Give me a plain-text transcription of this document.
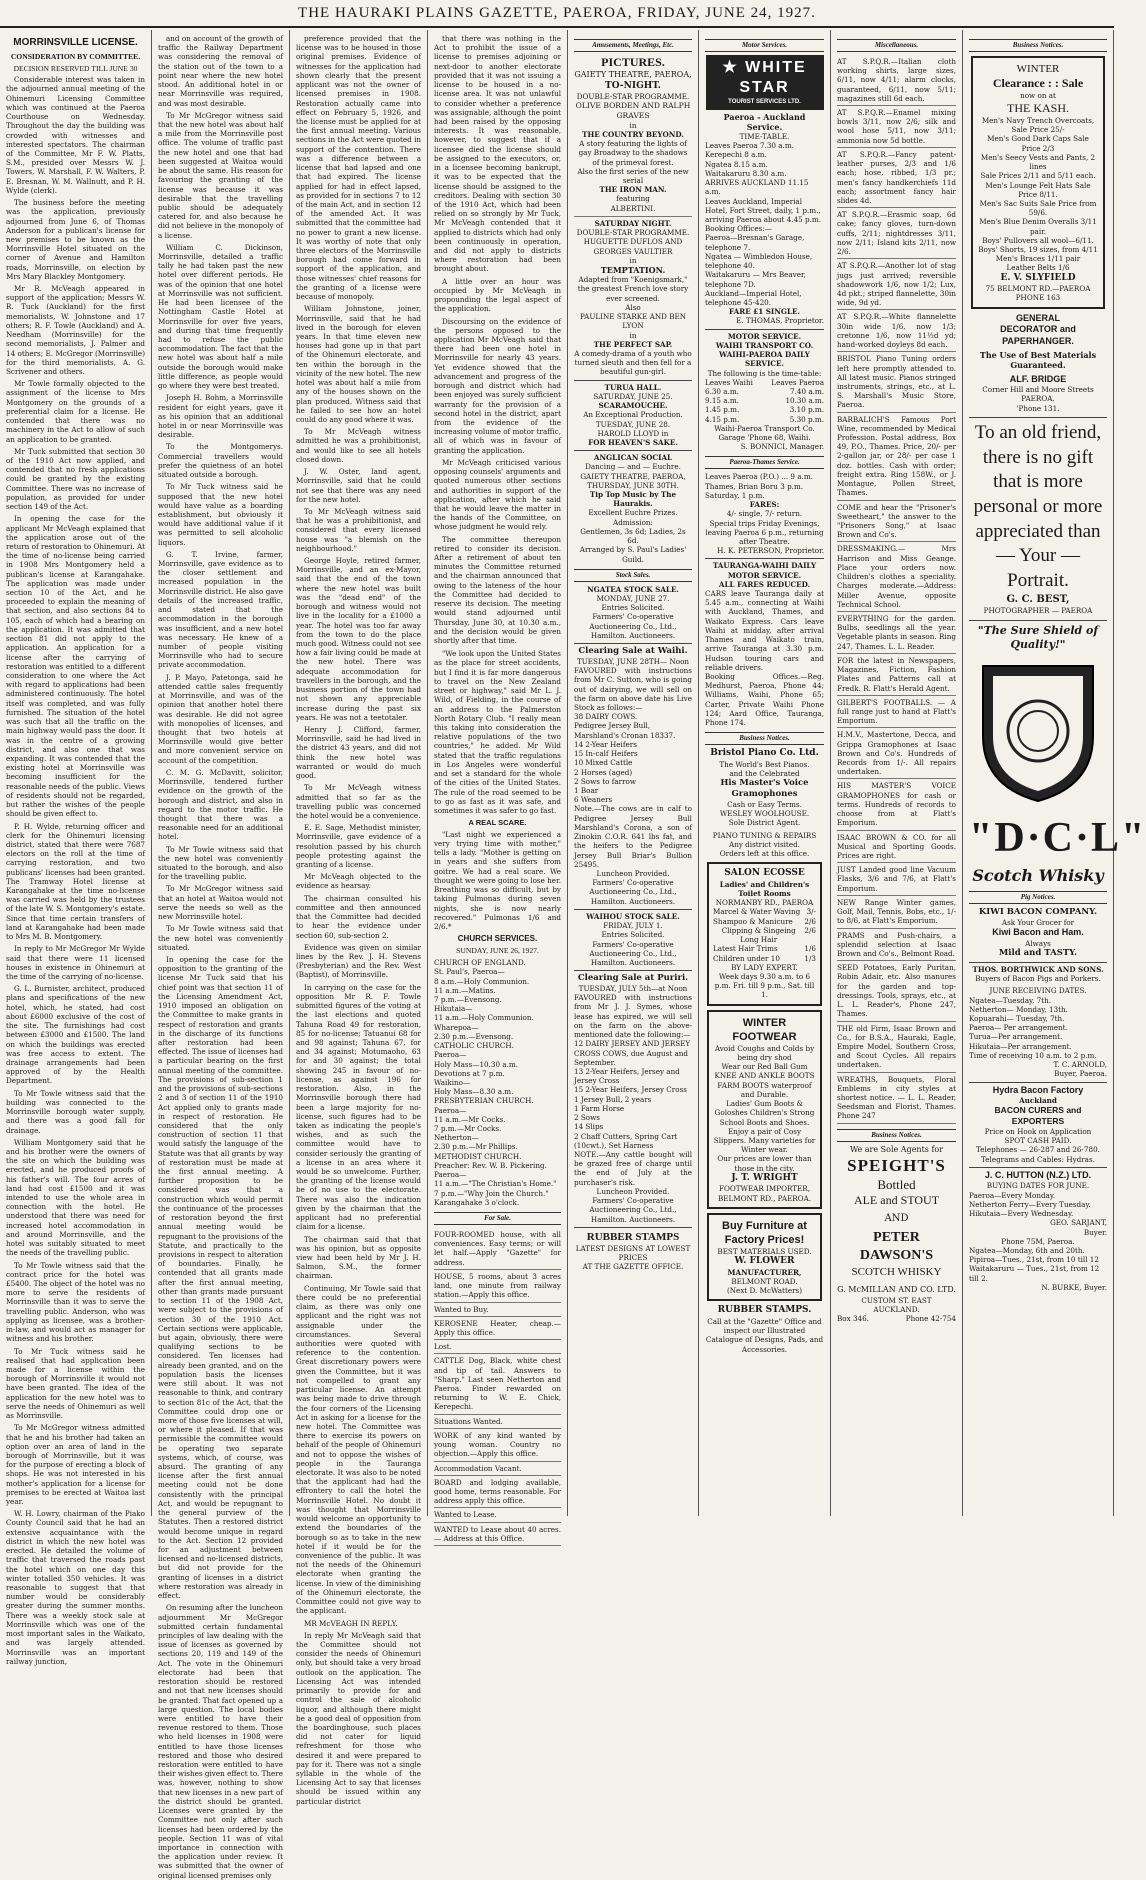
THE HAURAKI PLAINS GAZETTE, PAEROA, FRIDAY, JUNE 24, 1927.
MORRINSVILLE LICENSE.
CONSIDERATION BY COMMITTEE.
DECISION RESERVED TILL JUNE 30

Considerable interest was taken in the adjourned annual meeting of the Ohinemuri Licensing Committee which was continued at the Paeroa Courthouse on Wednesday. Throughout the day the building was crowded with witnesses and interested spectators. The chairman of the Committee, Mr F. W. Platts, S.M., presided over Messrs W. J. Towers, W. Marshall, F. W. Walters, P. E. Bresnan, W. M. Wallnutt, and P. H. Wylde (clerk).

The business before the meeting was the application, previously adjourned from June 6, of Thomas Anderson for a publican's license for new premises to be known as the Morrinsville Hotel situated on the corner of Avenue and Hamilton roads, Morrinsville, on election by Mrs Mary Blackley Montgomery.

Mr R. McVeagh appeared in support of the application; Messrs W. R. Tuck (Auckland) for the first memorialists, W. Johnstone and 17 others; R. F. Towle (Auckland) and A. Needham (Morrinsville) for the second memorialists, J. Palmer and 14 others; E. McGregor (Morrinsville) for the third memorialists, A. G. Scrivener and others.

Mr Towle formally objected to the assignment of the license to Mrs Montgomery on the grounds of a preferential claim for a license. He contended that there was no machinery in the Act to allow of such an application to be granted.

Mr Tuck submitted that section 30 of the 1910 Act now applied, and contended that no fresh applications could be granted by the existing Committee. There was no increase of population, as provided for under section 149 of the Act.

In opening the case for the applicant Mr McVeagh explained that the application arose out of the return of restoration to Ohinemuri. At the time of no-license being carried in 1908 Mrs Montgomery held a publican's license at Karangahake. The application was made under section 10 of the Act, and he proceeded to explain the meaning of that section, and also sections 84 to 105, each of which had a bearing on the application. It was admitted that section 81 did not apply to the application. An application for a license after the carrying of restoration was entitled to a different consideration to one where the Act with regard to applications had been administered continuously. The hotel itself was completed, and was fully furnished. The situation of the hotel was such that all the traffic on the main highway would pass the door. It was in the centre of a growing district, and also one that was expanding. It was contended that the existing hotel at Morrinsville was becoming insufficient for the reasonable needs of the public. Views of residents should not be regarded, but rather the wishes of the people should be given effect to.

P. H. Wylde, returning officer and clerk for the Ohinemuri licensing district, stated that there were 7687 electors on the roll at the time of carrying restoration, and two publicans' licenses had been granted. The Tramway Hotel license at Karangahake at the time no-license was carried was held by the trustees of the late W. S. Montgomery's estate. Since that time certain transfers of land at Karangahake had been made to Mrs M. B. Montgomery.

In reply to Mr McGregor Mr Wylde said that there were 11 licensed houses in existence in Ohinemuri at the time of the carrying of no-license.

G. L. Burnister, architect, produced plans and specifications of the new hotel, which, he stated, had cost about £6000 exclusive of the cost of the site. The furnishings had cost between £3000 and £1500. The land on which the buildings was erected was free access to extent. The drainage arrangements had been approved of by the Health Department.

To Mr Towle witness said that the building was connected to the Morrinsville borough water supply, and there was a good fall for drainage.

William Montgomery said that he and his brother were the owners of the site on which the building was erected, and he produced proofs of his father's will. The four acres of land had cost £1500 and it was intended to use the whole area in connection with the hotel. He understood that there was need for increased hotel accommodation in and around Morrinsville, and the hotel was suitably situated to meet the needs of the travelling public.

To Mr Towle witness said that the contract price for the hotel was £5400. The object of the hotel was no more to serve the residents of Morrinsville than it was to serve the travelling public. Anderson, who was applying as licensee, was a brother-in-law, and would act as manager for witness and his brother.

To Mr Tuck witness said he realised that had application been made for a license within the borough of Morrinsville it would not have been granted. The idea of the application for the new hotel was to serve the needs of Ohinemuri as well as Morrinsville.

To Mr McGregor witness admitted that he and his brother had taken an option over an area of land in the borough of Morrinsville, but it was for the purpose of erecting a block of shops. He was not interested in his mother's application for a license for premises to be erected at Waitoa last year.

W. H. Lowry, chairman of the Piako County Council said that he had an extensive acquaintance with the district in which the new hotel was erected. He detailed the volume of traffic that traversed the roads past the hotel which on one day this winter totalled 350 vehicles. It was reasonable to suggest that that number would be considerably greater during the summer months. There was a weekly stock sale at Morrinsville which was one of the most important sales in the Waikato, and was largely attended. Morrinsville was an important railway junction,

and on account of the growth of traffic the Railway Department was considering the removal of the station out of the town to a point near where the new hotel stood. An additional hotel in or near Morrinsville was required, and was most desirable.

To Mr McGregor witness said that the new hotel was about half a mile from the Morrinsville post office. The volume of traffic past the new hotel and one that had been suggested at Waitoa would be about the same. His reason for favouring the granting of the license was because it was desirable that the travelling public should be adequately catered for, and also because he did not believe in the monopoly of a license.

William C. Dickinson, Morrinsville, detailed a traffic tally he had taken past the new hotel over different periods. He was of the opinion that one hotel at Morrinsville was not sufficient. He had been licensee of the Nottingham Castle Hotel at Morrinsville for over five years, and during that time frequently had to refuse the public accommodation. The fact that the new hotel was about half a mile outside the borough would make little difference, as people would go where they were best treated.

Joseph H. Bohm, a Morrinsville resident for eight years, gave it as his opinion that an additional hotel in or near Morrinsville was desirable.

To the Montgomerys. Commercial travellers would prefer the quietness of an hotel situated outside a borough.

To Mr Tuck witness said he supposed that the new hotel would have value as a boarding establishment, but obviously it would have additional value if it was permitted to sell alcoholic liquors.

G. T. Irvine, farmer, Morrinsville, gave evidence as to the closer settlement and increased population in the Morrinsville district. He also gave details of the increased traffic, and stated that the accommodation in the borough was insufficient, and a new hotel was necessary. He knew of a number of people visiting Morrinsville who had to secure private accommodation.

J. P. Mayo, Patetonga, said he attended cattle sales frequently at Morrinsville, and was of the opinion that another hotel there was desirable. He did not agree with monopolies of licenses, and thought that two hotels at Morrinsville would give better and more convenient service on account of the competition.

C. M. G. McDavitt, solicitor, Morrinsville, tendered further evidence on the growth of the borough and district, and also in regard to the motor traffic. He thought that there was a reasonable need for an additional hotel.

To Mr Towle witness said that the new hotel was conveniently situated to the borough, and also for the travelling public.

To Mr McGregor witness said that an hotel at Waitoa would not serve the needs so well as the new Morrinsville hotel.

To Mr Towle witness said that the new hotel was conveniently situated.

In opening the case for the opposition to the granting of the license Mr Tuck said that his chief point was that section 11 of the Licensing Amendment Act, 1910 imposed an obligation on the Committee to make grants in respect of restoration and grants in the discharge of its functions after restoration had been effected. The issue of licenses had a particular bearing on the first annual meeting of the committee. The provisions of sub-section 1 and the provisions of sub-sections 2 and 3 of section 11 of the 1910 Act applied only to grants made in respect of restoration. He considered that the only construction of section 11 that would satisfy the language of the Statute was that all grants by way of restoration must be made at the first annual meeting. A further proposition to be considered was that a construction which would permit the continuance of the processes of restoration beyond the first annual meeting would be repugnant to the provisions of the Statute, and practically to the provisions in respect to alteration of boundaries. Finally, he contended that all grants made after the first annual meeting, other than grants made pursuant to section 11 of the 1908 Act, were subject to the provisions of section 30 of the 1910 Act. Certain sections were applicable, but again, obviously, there were qualifying sections to be considered. Ten licenses had already been granted, and on the population basis the licenses were still about. It was not reasonable to think, and contrary to section 81c of the Act, that the Committee could drop one or more of those five licenses at will, or where it pleased. If that was permissible the committee would be operating two separate systems, which, of course, was absurd. The granting of any license after the first annual meeting could not be done consistently with the principal Act, and would be repugnant to the general purview of the Statutes. Then a restored district would become unique in regard to the Act. Section 12 provided for an adjustment between licensed and no-licensed districts, but did not provide for the granting of licenses in a district where restoration was already in effect.

On resuming after the luncheon adjournment Mr McGregor submitted certain fundamental principles of law dealing with the issue of licenses as governed by sections 20, 119 and 149 of the Act. The vote in the Ohinemuri electorate had been that restoration should be restored and not that new licenses should be granted. That fact opened up a large question. The local bodies were entitled to have their revenue restored to them. Those who held licenses in 1908 were entitled to have those licenses restored and those who desired restoration were entitled to have their wishes given effect to. There was, however, nothing to show that new licenses in a new part of the district should be granted. Licenses were granted by the Committee not only after such licenses had been ordered by the people. Section 11 was of vital importance in connection with the application under review. It was submitted that the owner of original licensed premises only

preference provided that the license was to be housed in those original premises. Evidence of witnesses for the application had shown clearly that the present applicant was not the owner of licensed premises in 1908. Restoration actually came into effect on February 5, 1926, and the license must be applied for at the first annual meeting. Various sections in the Act were quoted in support of the contention. There was a difference between a license that had lapsed and one that had expired. The license applied for had in effect lapsed, as provided for in sections 7 to 12 of the main Act, and in section 12 of the amended Act. It was submitted that the committee had no power to grant a new license. It was worthy of note that only three electors of the Morrinsville borough had come forward in support of the application, and those witnesses' chief reasons for the granting of a license were because of monopoly.

William Johnstone, joiner, Morrinsville, said that he had lived in the borough for eleven years. In that time eleven new houses had gone up in that part of the Ohinemuri electorate, and ten within the borough in the vicinity of the new hotel. The new hotel was about half a mile from any of the houses shown on the plan produced. Witness said that he failed to see how an hotel could do any good where it was.

To Mr McVeagh witness admitted he was a prohibitionist, and would like to see all hotels closed down.

J. W. Oster, land agent, Morrinsville, said that he could not see that there was any need for the new hotel.

To Mr McVeagh witness said that he was a prohibitionist, and considered that every licensed house was "a blemish on the neighbourhood."

George Hoyle, retired farmer, Morrinsville, and an ex-Mayor, said that the end of the town where the new hotel was built was the "dead end" of the borough and witness would not live in the locality for a £1000 a year. The hotel was too far away from the town to do the place much good. Witness could not see how a fair living could be made at the new hotel. There was adequate accommodation for travellers in the borough, and the business portion of the town had not shown any appreciable increase during the past six years. He was not a teetotaler.

Henry J. Clifford, farmer, Morrinsville, said he had lived in the district 43 years, and did not think the new hotel was warranted or would do much good.

To Mr McVeagh witness admitted that so far as the travelling public was concerned the hotel would be a convenience.

E. E. Sage, Methodist minister, Morrinsville, gave evidence of a resolution passed by his church people protesting against the granting of a license.

Mr McVeagh objected to the evidence as hearsay.

The chairman consulted his committee and then announced that the Committee had decided to hear the evidence under section 60, sub-section 2.

Evidence was given on similar lines by the Rev. J. H. Stevens (Presbyterian) and the Rev. West (Baptist), of Morrinsville.

In carrying on the case for the opposition Mr R. F. Towle submitted figures of the voting at the last elections and quoted Tahuna Road 49 for restoration, 85 for no-license; Tatuanui 68 for and 98 against; Tahuna 67, for and 34 against; Motumaoho, 63 for and 30 against; the total showing 245 in favour of no-license, as against 196 for restoration. Also, in the Morrinsville borough there had been a large majority for no-license, such figures had to be taken as indicating the people's wishes, and as such the committee would have to consider seriously the granting of a license in an area where it would be so unwelcome. Further, the granting of the license would be of no use to the electorate. There was also the indication given by the chairman that the applicant had no preferential claim for a license.

The chairman said that that was his opinion, but as opposite view had been held by Mr J. H. Salmon, S.M., the former chairman.

Continuing, Mr Towle said that there could be no preferential claim, as there was only one applicant and the right was not assignable under the circumstances. Several authorities were quoted with reference to the contention. Great discretionary powers were given the Committee, but it was not compelled to grant any particular license. An attempt was being made to drive through the four corners of the Licensing Act in asking for a license for the new hotel. The Committee was there to exercise its powers on behalf of the people of Ohinemuri and not to oppose the wishes of people in the Tauranga electorate. It was also to be noted that the applicant had had the effrontery to call the hotel the Morrinsville Hotel. No doubt it was thought that Morrinsville would welcome an opportunity to extend the boundaries of the borough so as to take in the new hotel if it would be for the convenience of the public. It was not the needs of the Ohinemuri electorate when granting the license. In view of the diminishing of the Ohinemuri electorate, the Committee could not give way to the applicant.

MR McVEAGH IN REPLY.

In reply Mr McVeagh said that the Committee should not consider the needs of Ohinemuri only, but should take a very broad outlook on the application. The Licensing Act was intended primarily to provide for and control the sale of alcoholic liquor, and although there might be a good deal of opposition from the boardinghouse, such places did not cater for liquid refreshment for those who desired it and were prepared to pay for it. There was not a single syllable in the whole of the Licensing Act to say that licenses should be issued within any particular district

that there was nothing in the Act to prohibit the issue of a license to premises adjoining or next-door to another electorate provided that it was not issuing a license to be housed in a no-license area. It was not unlawful to consider whether a preference was assignable, although the point had been raised by the opposing interests. It was reasonable, however, to suggest that if a licensee died the license should be assigned to the executors, or, in a licensee becoming bankrupt, it was to be expected that the license should be assigned to the creditors. Dealing with section 30 of the 1910 Act, which had been relied on so strongly by Mr Tuck, Mr McVeagh contended that it applied to districts which had only been continuously in operation, and did not apply to districts where restoration had been brought about.

A little over an hour was occupied by Mr McVeagh in propounding the legal aspect of the application.

Discoursing on the evidence of the persons opposed to the application Mr McVeagh said that there had been one hotel in Morrinsville for nearly 43 years. Yet evidence showed that the advancement and progress of the borough and district which had been enjoyed was surely sufficient warranty for the provision of a second hotel in the district, apart from the evidence of the increasing volume of motor traffic, all of which was in favour of granting the application.

Mr McVeagh criticised various opposing counsels' arguments and quoted numerous other sections and authorities in support of the application, after which he said that he would leave the matter in the hands of the Committee, on whose judgment he would rely.

The committee thereupon retired to consider its decision. After a retirement of about ten minutes the Committee returned and the chairman announced that owing to the lateness of the hour the Committee had decided to reserve its decision. The meeting would stand adjourned until Thursday, June 30, at 10.30 a.m., and the decision would be given shortly after that time.

"We look upon the United States as the place for street accidents, but I find it is far more dangerous to travel on the New Zealand street or highway," said Mr L. J. Wild, of Fielding, in the course of an address to the Palmerston North Rotary Club. "I really mean this taking into consideration the relative populations of the two countries," he added. Mr Wild stated that the traffic regulations in Los Angeles were wonderful and set a standard for the whole of the cities of the United States. The rule of the road seemed to be to go as fast as it was safe, and sometimes it was safer to go fast.

A REAL SCARE.

"Last night we experienced a very trying time with mother," tells a lady. "Mother is getting on in years and she suffers from goitre. We had a real scare. We thought we were going to lose her. Breathing was so difficult, but by taking Pulmonas during seven nights, she is now nearly recovered." Pulmonas 1/6 and 2/6.*

CHURCH SERVICES.
SUNDAY, JUNE 26, 1927.
CHURCH OF ENGLAND.
St. Paul's, Paeroa—
8 a.m.—Holy Communion.
11 a.m.—Matins.
7 p.m.—Evensong.
Hikutaia—
11 a.m.—Holy Communion.
Wharepoa—
2.30 p.m.—Evensong.
CATHOLIC CHURCH.
Paeroa—
Holy Mass—10.30 a.m.
Devotions at 7 p.m.
Waikino—
Holy Mass—8.30 a.m.
PRESBYTERIAN CHURCH.
Paeroa—
11 a.m.—Mr Cocks.
7 p.m.—Mr Cocks.
Netherton—
2.30 p.m.—Mr Phillips.
METHODIST CHURCH.
Preacher: Rev. W. B. Pickering.
Paeroa—
11 a.m.—"The Christian's Home."
7 p.m.—"Why Join the Church."
Karangahake 3 o'clock.
For Sale.
FOUR-ROOMED house, with all conveniences. Easy terms; or will let half.—Apply "Gazette" for address.
HOUSE, 5 rooms, about 3 acres land, one minute from railway station.—Apply this office.
Wanted to Buy.
KEROSENE Heater, cheap.—Apply this office.
Lost.
CATTLE Dog, Black, white chest and tip of tail. Answers to "Sharp." Last seen Netherton and Paeroa. Finder rewarded on returning to W. E. Chick, Kerepechi.
Situations Wanted.
WORK of any kind wanted by young woman. Country no objection.—Apply this office.
Accommodation Vacant.
BOARD and lodging available, good home, terms reasonable. For address apply this office.
Wanted to Lease.
WANTED to Lease about 40 acres. — Address at this Office.
Amusements, Meetings, Etc.
PICTURES.
GAIETY THEATRE, PAEROA,
TO-NIGHT.
DOUBLE-STAR PROGRAMME.
OLIVE BORDEN AND RALPH GRAVES
in
THE COUNTRY BEYOND.
A story featuring the lights of gay Broadway to the shadows of the primeval forest.
Also the first series of the new serial
THE IRON MAN.
featuring
ALBERTINI.
SATURDAY NIGHT.
DOUBLE-STAR PROGRAMME.
HUGUETTE DUFLOS AND GEORGES VAULTIER
in
TEMPTATION.
Adapted from "Koenigsmark," the greatest French love story ever screened.
Also
PAULINE STARKE AND BEN LYON
in
THE PERFECT SAP.
A comedy-drama of a youth who turned sleuth and then fell for a beautiful gun-girl.
TURUA HALL.
SATURDAY, JUNE 25.
SCARAMOUCHE.
An Exceptional Production.
TUESDAY, JUNE 28.
HAROLD LLOYD in
FOR HEAVEN'S SAKE.
ANGLICAN SOCIAL
Dancing — and — Euchre.
GAIETY THEATRE, PAEROA,
THURSDAY, JUNE 30TH.
Tip Top Music by The Haurakis.
Excellent Euchre Prizes.
Admission:
Gentlemen, 3s 6d; Ladies, 2s 6d.
Arranged by S. Paul's Ladies' Guild.
Stock Sales.
NGATEA STOCK SALE.
MONDAY, JUNE 27.
Entries Solicited.
Farmers' Co-operative Auctioneering Co., Ltd., Hamilton. Auctioneers.
Clearing Sale at Waihi.
TUESDAY, JUNE 28TH— Noon
FAVOURED with instructions from Mr C. Sutton, who is going out of dairying, we will sell on the farm on above date his Live Stock as follows:—
38 DAIRY COWS.
Pedigree Jersey Bull, Marshland's Cronan 18337.
14 2-Year Heifers
15 In-calf Heifers
10 Mixed Cattle
2 Horses (aged)
2 Sows to farrow
1 Boar
6 Weaners
Note.—The cows are in calf to Pedigree Jersey Bull Marshland's Corona, a son of Zinokin C.O.R. 641 lbs fat, and the heifers to the Pedigree Jersey Bull Briar's Bullion 25495.
Luncheon Provided.
Farmers' Co-operative Auctioneering Co., Ltd., Hamilton. Auctioneers.
WAIHOU STOCK SALE.
FRIDAY, JULY 1.
Entries Solicited.
Farmers' Co-operative Auctioneering Co., Ltd., Hamilton. Auctioneers.
Clearing Sale at Puriri.
TUESDAY, JULY 5th—at Noon
FAVOURED with instructions from Mr J. J. Symes, whose lease has expired, we will sell on the farm on the above-mentioned date the following:—
12 DAIRY JERSEY AND JERSEY CROSS COWS, due August and September.
13 2-Year Heifers, Jersey and Jersey Cross
15 2-Year Heifers, Jersey Cross
1 Jersey Bull, 2 years
1 Farm Horse
2 Sows
14 Slips
2 Chaff Cutters, Spring Cart (10cwt.), Set Harness
NOTE.—Any cattle bought will be grazed free of charge until the end of July at the purchaser's risk.
Luncheon Provided.
Farmers' Co-operative Auctioneering Co., Ltd., Hamilton. Auctioneers.
RUBBER STAMPS
LATEST DESIGNS AT LOWEST PRICES
AT THE GAZETTE OFFICE.
Motor Services.
★ WHITE STAR
TOURIST SERVICES LTD.
Paeroa - Auckland Service.
TIME-TABLE.
Leaves Paeroa 7.30 a.m.
Kerepechi 8 a.m.
Ngatea 8.15 a.m.
Waitakaruru 8.30 a.m.
ARRIVES AUCKLAND 11.15 a.m.
Leaves Auckland, Imperial Hotel, Fort Street, daily, 1 p.m., arriving Paeroa about 4.45 p.m.
Booking Offices:—
Paeroa—Bresnan's Garage, telephone 7.
Ngatea — Wimbledon House, telephone 40.
Waitakaruru — Mrs Beaver, telephone 7D.
Auckland—Imperial Hotel, telephone 45-420.
FARE £1 SINGLE.
E. THOMAS, Proprietor.
MOTOR SERVICE.
WAIHI TRANSPORT CO.
WAIHI-PAEROA DAILY SERVICE.
The following is the time-table:
Leaves Waihi	Leaves Paeroa
6.30 a.m.	7.40 a.m.
9.15 a.m.	10.30 a.m.
1.45 p.m.	3.10 p.m.
4.15 p.m.	5.30 p.m.
Waihi-Paeroa Transport Co.
Garage 'Phone 68, Waihi.
S. BONNICI, Manager.
Paeroa-Thames Service.
Leaves Paeroa (P.O.) ... 9 a.m.
Thames, Brian Boru 3 p.m.
Saturday, 1 p.m.
FARES:
4/- single, 7/- return.
Special trips Friday Evenings, leaving Paeroa 6 p.m., returning after Theatre.
H. K. PETERSON, Proprietor.
TAURANGA-WAIHI DAILY MOTOR SERVICE.
ALL FARES REDUCED.
CARS leave Tauranga daily at 5.45 a.m., connecting at Waihi with Auckland, Thames, and Waikato Express. Cars leave Waihi at midday, after arrival Thames and Waikato train, arrive Tauranga at 3.30 p.m. Hudson touring cars and reliable drivers.
Booking Offices.—Reg. Medhurst, Paeroa, Phone 44; Williams, Waihi, Phone 65; Carter, Private Waihi Phone 124; Aard Office, Tauranga, Phone 174.
Business Notices.
Bristol Piano Co. Ltd.
The World's Best Pianos.
and the Celebrated
His Master's Voice Gramophones
Cash or Easy Terms.
WESLEY WOOLHOUSE.
Sole District Agent.
PIANO TUNING & REPAIRS
Any district visited.
Orders left at this office.
SALON ECOSSE
Ladies' and Children's Toilet Rooms
NORMANBY RD., PAEROA
Marcel & Water Waving 3/-
Shampoo & Manicure 2/6
Clipping & Singeing Long Hair
2/6
Latest Hair Trims	1/6
Children under 10	1/3
BY LADY EXPERT.
Week days 9.30 a.m. to 6 p.m. Fri. till 9 p.m., Sat. till 1.
WINTER FOOTWEAR
Avoid Coughs and Colds by being dry shod
Wear our Red Ball Gum KNEE AND ANKLE BOOTS FARM BOOTS waterproof and Durable.
Ladies' Gum Boots & Goloshes Children's Strong School Boots and Shoes.
Enjoy a pair of Cosy Slippers. Many varieties for Winter wear.
Our prices are lower than those in the city.
J. T. WRIGHT
FOOTWEAR IMPORTER, BELMONT RD., PAEROA.
Buy Furniture at
Factory Prices!
BEST MATERIALS USED.
W. FLOWER
MANUFACTURER,
BELMONT ROAD.
(Next D. McWatters)
RUBBER STAMPS.
Call at the "Gazette" Office and inspect our Illustrated Catalogue of Designs, Pads, and Accessories.
Miscellaneous.
AT S.P.Q.R.—Italian cloth working shirts, large sizes, 6/11, now 4/11; alarm clocks, guaranteed, 6/11, now 5/11; magazines still 6d each.
AT S.P.Q.R.—Enamel mixing bowls 3/11, now 2/6; silk and wool hose 5/11, now 3/11; ammonia now 5d bottle.
AT S.P.Q.R.—Fancy patent-leather purses, 2/3 and 1/6 each; hose, ribbed, 1/3 pr.; men's fancy handkerchiefs 11d each; assortment fancy hair slides 4d.
AT S.P.Q.R.—Erasmic soap, 6d cake; fancy gloves, turn-down cuffs, 2/11; nightdresses 3/11, now 2/11; Island kits 2/11, now 2/6.
AT S.P.Q.R.—Another lot of stag jugs just arrived; reversible shadowwork 1/6, now 1/2; Lux, 4d pkt.; striped flannelette, 30in wide, 9d yd.
AT S.P.Q.R.—White flannelette 30in wide 1/6, now 1/3; cretonne 1/6, now 11½d yd; hand-worked doyleys 8d each.
BRISTOL Piano Tuning orders left here promptly attended to. All latest music. Pianos stringed instruments, strings, etc., at L. S. Marshall's Music Store, Paeroa.
BARBALICH'S Famous Port Wine, recommended by Medical Profession. Postal address, Box 49, P.O., Thames. Price, 20/- per 2-gallon jar, or 28/- per case 1 doz. bottles. Cash with order; freight extra. Ring 158W., or J. Montague, Pollen Street, Thames.
COME and hear the "Prisoner's Sweetheart," the answer to the "Prisoners Song," at Isaac Brown and Co's.
DRESSMAKING.— Mrs Harrison and Miss Geange. Place your orders now. Children's clothes a speciality. Charges moderate.—Address: Miller Avenue, opposite Technical School.
EVERYTHING for the garden. Bulbs, seedlings all the year. Vegetable plants in season. Ring 247, Thames. L. L. Reader.
FOR the latest in Newspapers, Magazines, Fiction, Fashion Plates and Patterns call at Fredk. R. Flatt's Herald Agent.
GILBERT'S FOOTBALLS. — A full range just to hand at Flatt's Emporium.
H.M.V., Mastertone, Decca, and Grippa Gramophones at Isaac Brown and Co's. Hundreds of Records from 1/-. All repairs undertaken.
HIS MASTER'S VOICE GRAMOPHONES for cash or terms. Hundreds of records to choose from at Flatt's Emporium.
ISAAC BROWN & CO. for all Musical and Sporting Goods. Prices are right.
JUST Landed good line Vacuum Flasks, 3/6 and 7/6, at Flatt's Emporium.
NEW Range Winter games, Golf, Mail, Tennis, Bobs, etc., 1/- to 8/6, at Flatt's Emporium.
PRAMS and Push-chairs, a splendid selection at Isaac Brown and Co's., Belmont Road.
SEED Potatoes, Early Puritan, Robin Adair, etc. Also manures for the garden and top-dressings. Tools, sprays, etc., at L. L. Reader's, Phone 247, Thames.
THE old Firm, Isaac Brown and Co., for B.S.A., Hauraki, Eagle, Empire Model, Southern Cross, and Scout Cycles. All repairs undertaken.
WREATHS, Bouquets, Floral Emblems in city styles at shortest notice. — L. L. Reader, Seedsman and Florist, Thames. Phone 247
Business Notices.
We are Sole Agents for
SPEIGHT'S
Bottled
ALE and STOUT
AND
PETER DAWSON'S
SCOTCH WHISKY
G. McMILLAN AND CO. LTD.
CUSTOM ST. EAST
AUCKLAND.
Box 346.	Phone 42-754
Business Notices.
WINTER
Clearance : : Sale
now on at
THE KASH.
Men's Navy Trench Overcoats, Sale Price 25/-
Men's Good Dark Caps Sale Price 2/3
Men's Seecy Vests and Pants, 2 lines
Sale Prices 2/11 and 5/11 each.
Men's Lounge Felt Hats Sale Price 8/11.
Men's Sac Suits Sale Price from 59/6.
Men's Blue Denim Overalls 3/11 pair.
Boys' Pullovers all wool—6/11.
Boys' Shorts, 19 sizes, from 4/11
Men's Braces 1/11 pair
Leather Belts 1/6
E. V. SLYFIELD
75 BELMONT RD.—PAEROA
PHONE 163
GENERAL
DECORATOR and PAPERHANGER.
The Use of Best Materials Guaranteed.
ALF. BRIDGE
Corner Hill and Moore Streets PAEROA.
'Phone 131.
To an old friend, there is no gift that is more personal or more appreciated than — Your — Portrait.
G. C. BEST,
PHOTOGRAPHER — PAEROA
"The Sure Shield of Quality!"
"D·C·L"
Scotch Whisky
Pig Notices.
KIWI BACON COMPANY.
Ask Your Grocer for
Kiwi Bacon and Ham.
Always
Mild and TASTY.
THOS. BORTHWICK AND SONS.
Buyers of Bacon Pigs and Porkers.
JUNE RECEIVING DATES.
Ngatea—Tuesday, 7th.
Netherton— Monday, 13th.
Kopuarahi— Tuesday, 7th.
Paeroa— Per arrangement.
Turua—Per arrangement.
Hikutaia—Per arrangement.
Time of receiving 10 a.m. to 2 p.m.
T. C. ARNOLD,
Buyer, Paeroa.
Hydra Bacon Factory
Auckland
BACON CURERS and EXPORTERS
Price on Hook on Application
SPOT CASH PAID.
Telephones — 26-287 and 26-780. Telegrams and Cables: Hydras.
J. C. HUTTON (N.Z.) LTD.
BUYING DATES FOR JUNE.
Paeroa—Every Monday.
Netherton Ferry—Every Tuesday.
Hikutaia—Every Wednesday.
GEO. SARJANT,
Buyer.
Phone 75M, Paeroa.
Ngatea—Monday, 6th and 20th.
Pipiroa—Tues., 21st, from 10 till 12
Waitakaruru — Tues., 21st, from 12 till 2.
N. BURKE, Buyer.
